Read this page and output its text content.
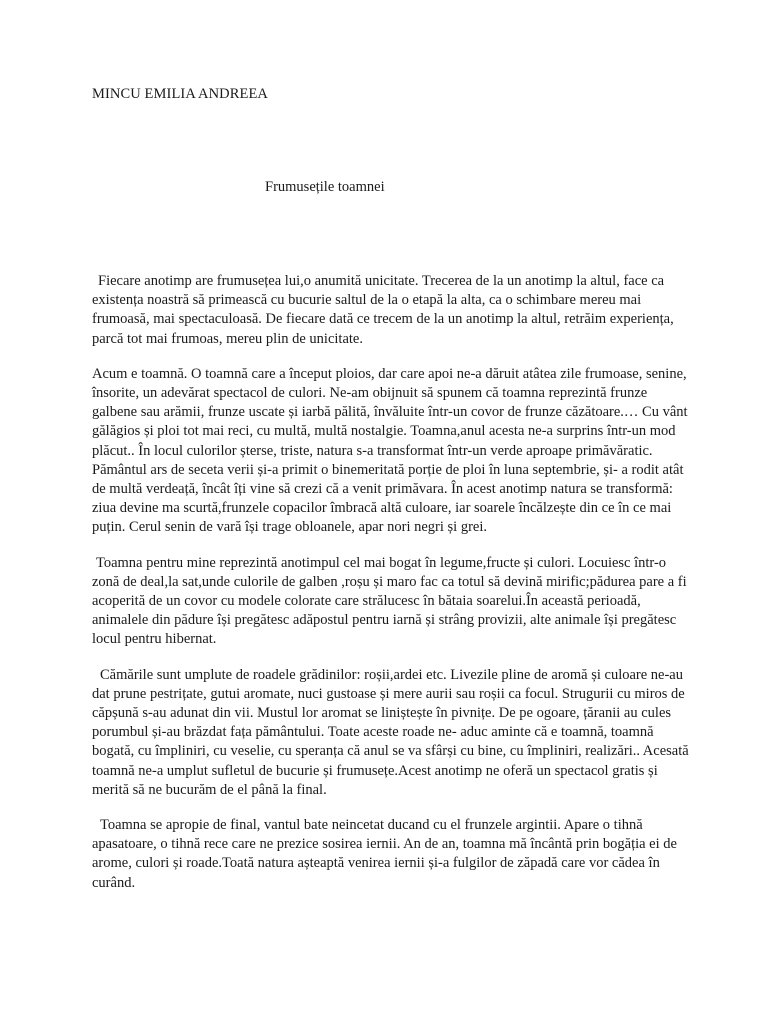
MINCU EMILIA ANDREEA
Frumusețile toamnei

Fiecare anotimp are frumusețea lui,o anumită unicitate. Trecerea de la un anotimp la altul, face ca existența noastră să primească cu bucurie saltul de la o etapă la alta, ca o schimbare mereu mai frumoasă, mai spectaculoasă. De fiecare dată ce trecem de la un anotimp la altul, retrăim experiența, parcă tot mai frumoas, mereu plin de unicitate.

Acum e toamnă. O toamnă care a început ploios, dar care apoi ne-a dăruit atâtea zile frumoase, senine, însorite, un adevărat spectacol de culori. Ne-am obijnuit să spunem că toamna reprezintă frunze galbene sau arămii, frunze uscate și iarbă pălită, învăluite într-un covor de frunze căzătoare.… Cu vânt gălăgios și ploi tot mai reci, cu multă, multă nostalgie. Toamna,anul acesta ne-a surprins într-un mod plăcut.. În locul culorilor șterse, triste, natura s-a transformat într-un verde aproape primăvăratic. Pământul ars de seceta verii și-a primit o binemeritată porție de ploi în luna septembrie, și- a rodit atât de multă verdeață, încât îți vine să crezi că a venit primăvara. În acest anotimp natura se transformă: ziua devine ma scurtă,frunzele copacilor îmbracă altă culoare, iar soarele încălzește din ce în ce mai puțin. Cerul senin de vară își trage obloanele, apar nori negri și grei.

Toamna pentru mine reprezintă anotimpul cel mai bogat în legume,fructe și culori. Locuiesc într-o zonă de deal,la sat,unde culorile de galben ,roșu și maro fac ca totul să devină mirific;pădurea pare a fi acoperită de un covor cu modele colorate care strălucesc în bătaia soarelui.În această perioadă, animalele din pădure își pregătesc adăpostul pentru iarnă și strâng provizii, alte animale își pregătesc locul pentru hibernat.

Cămările sunt umplute de roadele grădinilor: roșii,ardei etc. Livezile pline de aromă și culoare ne-au dat prune pestrițate, gutui aromate, nuci gustoase și mere aurii sau roșii ca focul. Strugurii cu miros de căpșună s-au adunat din vii. Mustul lor aromat se liniștește în pivnițe. De pe ogoare, țăranii au cules porumbul și-au brăzdat fața pământului. Toate aceste roade ne- aduc aminte că e toamnă, toamnă bogată, cu împliniri, cu veselie, cu speranța că anul se va sfârși cu bine, cu împliniri, realizări.. Acesată toamnă ne-a umplut sufletul de bucurie și frumusețe.Acest anotimp ne oferă un spectacol gratis și merită să ne bucurăm de el până la final.

Toamna se apropie de final, vantul bate neincetat ducand cu el frunzele argintii. Apare o tihnă apasatoare, o tihnă rece care ne prezice sosirea iernii. An de an, toamna mă încântă prin bogăția ei de arome, culori și roade.Toată natura așteaptă venirea iernii și-a fulgilor de zăpadă care vor cădea în curând.
